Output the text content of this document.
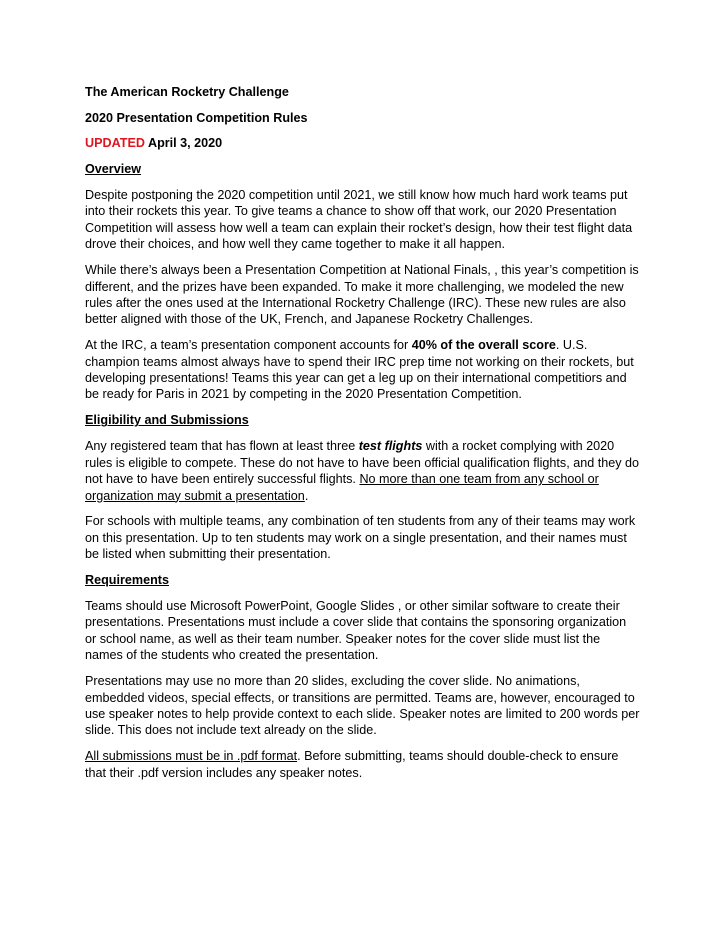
The American Rocketry Challenge

2020 Presentation Competition Rules

UPDATED April 3, 2020

Overview

Despite postponing the 2020 competition until 2021, we still know how much hard work teams put into their rockets this year. To give teams a chance to show off that work, our 2020 Presentation Competition will assess how well a team can explain their rocket’s design, how their test flight data drove their choices, and how well they came together to make it all happen.

While there’s always been a Presentation Competition at National Finals, , this year’s competition is different, and the prizes have been expanded. To make it more challenging, we modeled the new rules after the ones used at the International Rocketry Challenge (IRC). These new rules are also better aligned with those of the UK, French, and Japanese Rocketry Challenges.

At the IRC, a team’s presentation component accounts for 40% of the overall score. U.S. champion teams almost always have to spend their IRC prep time not working on their rockets, but developing presentations! Teams this year can get a leg up on their international competitiors and be ready for Paris in 2021 by competing in the 2020 Presentation Competition.

Eligibility and Submissions

Any registered team that has flown at least three test flights with a rocket complying with 2020 rules is eligible to compete. These do not have to have been official qualification flights, and they do not have to have been entirely successful flights. No more than one team from any school or organization may submit a presentation.

For schools with multiple teams, any combination of ten students from any of their teams may work on this presentation. Up to ten students may work on a single presentation, and their names must be listed when submitting their presentation.

Requirements

Teams should use Microsoft PowerPoint, Google Slides , or other similar software to create their presentations. Presentations must include a cover slide that contains the sponsoring organization or school name, as well as their team number. Speaker notes for the cover slide must list the names of the students who created the presentation.

Presentations may use no more than 20 slides, excluding the cover slide. No animations, embedded videos, special effects, or transitions are permitted. Teams are, however, encouraged to use speaker notes to help provide context to each slide. Speaker notes are limited to 200 words per slide. This does not include text already on the slide.

All submissions must be in .pdf format. Before submitting, teams should double-check to ensure that their .pdf version includes any speaker notes.
